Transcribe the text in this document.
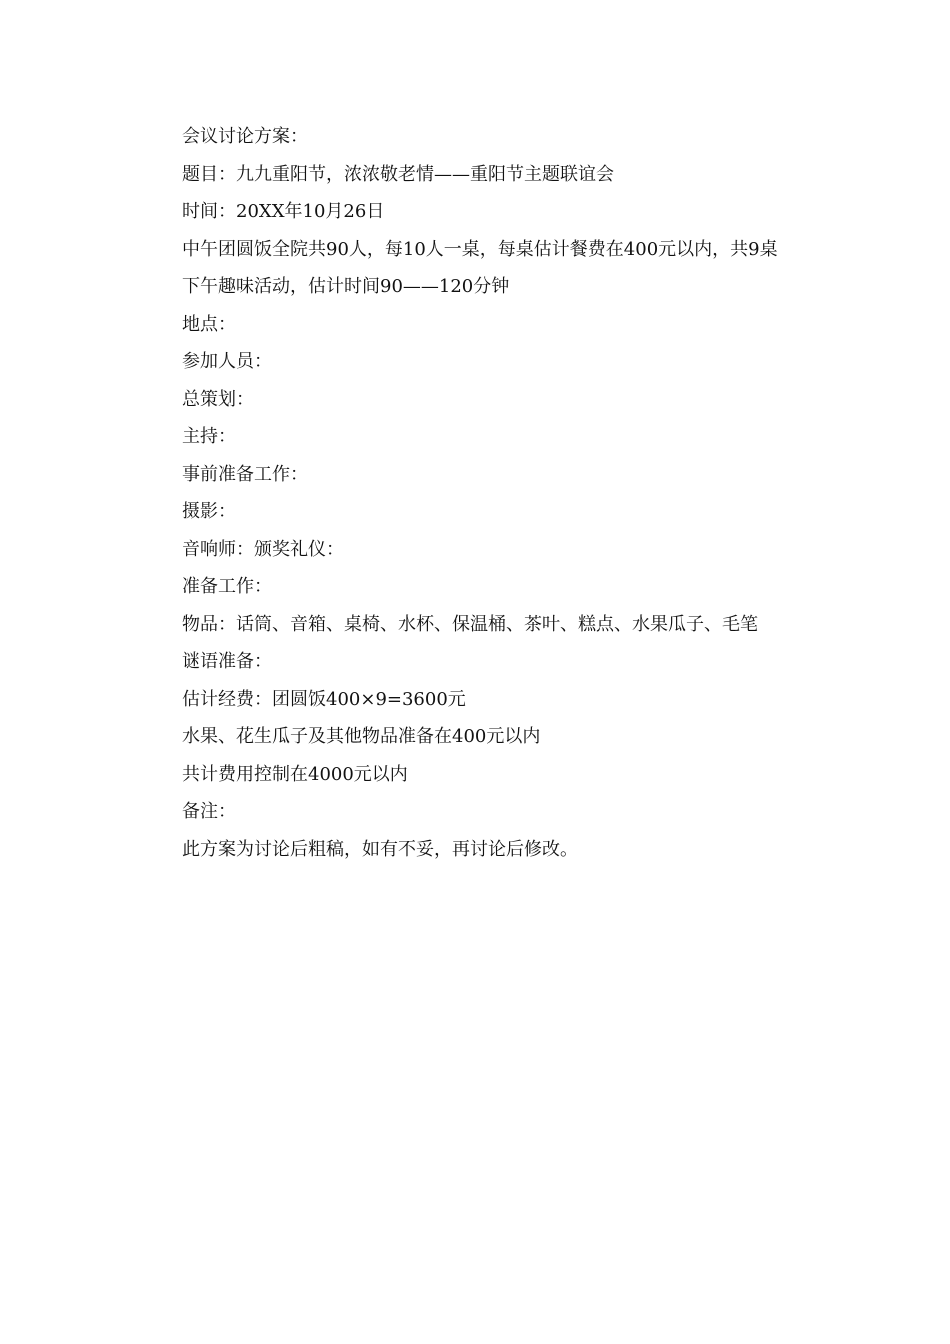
会议讨论方案：

题目：九九重阳节，浓浓敬老情——重阳节主题联谊会

时间：20XX年10月26日

中午团圆饭全院共90人，每10人一桌，每桌估计餐费在400元以内，共9桌

下午趣味活动，估计时间90——120分钟

地点：

参加人员：

总策划：

主持：

事前准备工作：

摄影：

音响师：颁奖礼仪：

准备工作：

物品：话筒、音箱、桌椅、水杯、保温桶、茶叶、糕点、水果瓜子、毛笔

谜语准备：

估计经费：团圆饭400×9=3600元

水果、花生瓜子及其他物品准备在400元以内

共计费用控制在4000元以内

备注：

此方案为讨论后粗稿，如有不妥，再讨论后修改。
